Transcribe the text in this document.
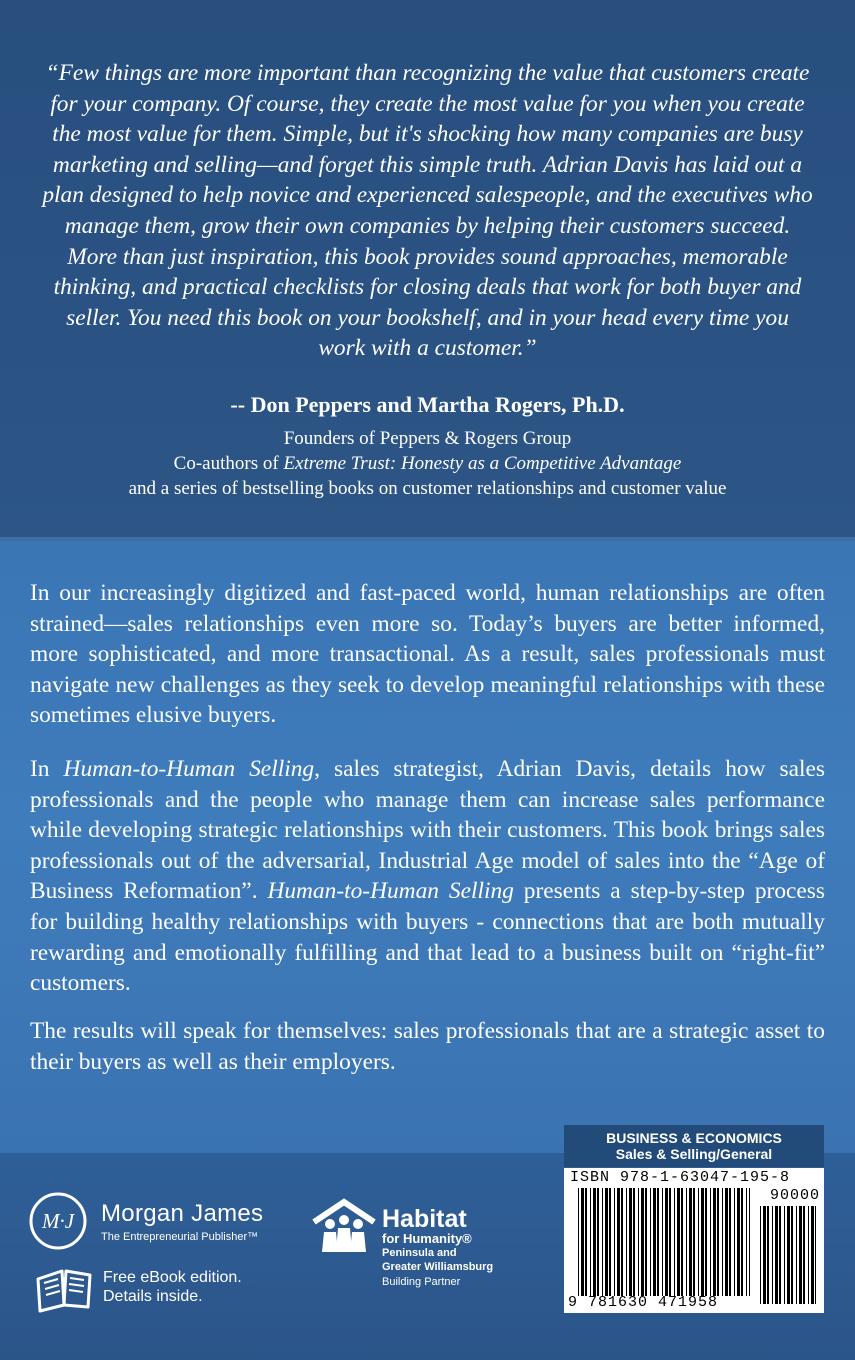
“Few things are more important than recognizing the value that customers create for your company. Of course, they create the most value for you when you create the most value for them. Simple, but it's shocking how many companies are busy marketing and selling—and forget this simple truth. Adrian Davis has laid out a plan designed to help novice and experienced salespeople, and the executives who manage them, grow their own companies by helping their customers succeed. More than just inspiration, this book provides sound approaches, memorable thinking, and practical checklists for closing deals that work for both buyer and seller. You need this book on your bookshelf, and in your head every time you work with a customer.”

-- Don Peppers and Martha Rogers, Ph.D.
Founders of Peppers & Rogers Group
Co-authors of Extreme Trust: Honesty as a Competitive Advantage
and a series of bestselling books on customer relationships and customer value

In our increasingly digitized and fast-paced world, human relationships are often strained—sales relationships even more so. Today’s buyers are better informed, more sophisticated, and more transactional. As a result, sales professionals must navigate new challenges as they seek to develop meaningful relationships with these sometimes elusive buyers.

In Human-to-Human Selling, sales strategist, Adrian Davis, details how sales professionals and the people who manage them can increase sales performance while developing strategic relationships with their customers. This book brings sales professionals out of the adversarial, Industrial Age model of sales into the “Age of Business Reformation”. Human-to-Human Selling presents a step-by-step process for building healthy relationships with buyers - connections that are both mutually rewarding and emotionally fulfilling and that lead to a business built on “right-fit” customers.

The results will speak for themselves: sales professionals that are a strategic asset to their buyers as well as their employers.

BUSINESS & ECONOMICS
Sales & Selling/General
ISBN 978-1-63047-195-8
90000
9 781630 471958
M·J Morgan James
The Entrepreneurial Publisher™
Free eBook edition.
Details inside.
Habitat
for Humanity®
Peninsula and
Greater Williamsburg
Building Partner
